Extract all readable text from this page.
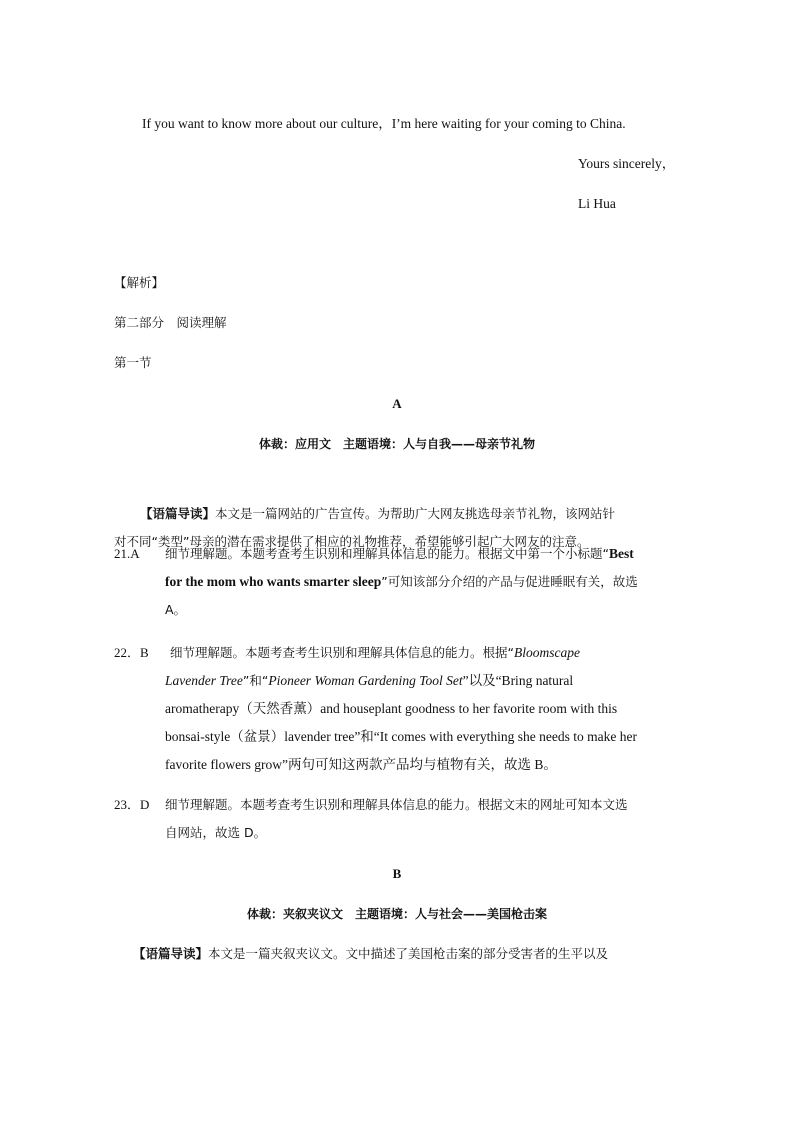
If you want to know more about our culture，I’m here waiting for your coming to China.
Yours sincerely，
Li Hua
【解析】
第二部分　阅读理解
第一节
A
体裁：应用文　主题语境：人与自我——母亲节礼物
【语篇导读】本文是一篇网站的广告宣传。为帮助广大网友挑选母亲节礼物，该网站针
对不同“类型”母亲的潜在需求提供了相应的礼物推荐，希望能够引起广大网友的注意。
21.A 细节理解题。本题考查考生识别和理解具体信息的能力。根据文中第一个小标题“Best
for the mom who wants smarter sleep”可知该部分介绍的产品与促进睡眠有关，故选
A。
22．B 细节理解题。本题考查考生识别和理解具体信息的能力。根据“Bloomscape
Lavender Tree”和“Pioneer Woman Gardening Tool Set”以及“Bring natural
aromatherapy（天然香薰）and houseplant goodness to her favorite room with this
bonsai-style（盆景）lavender tree”和“It comes with everything she needs to make her
favorite flowers grow”两句可知这两款产品均与植物有关，故选 B。
23．D 细节理解题。本题考查考生识别和理解具体信息的能力。根据文末的网址可知本文选
自网站，故选 D。
B
体裁：夹叙夹议文　主题语境：人与社会——美国枪击案
【语篇导读】本文是一篇夹叙夹议文。文中描述了美国枪击案的部分受害者的生平以及
